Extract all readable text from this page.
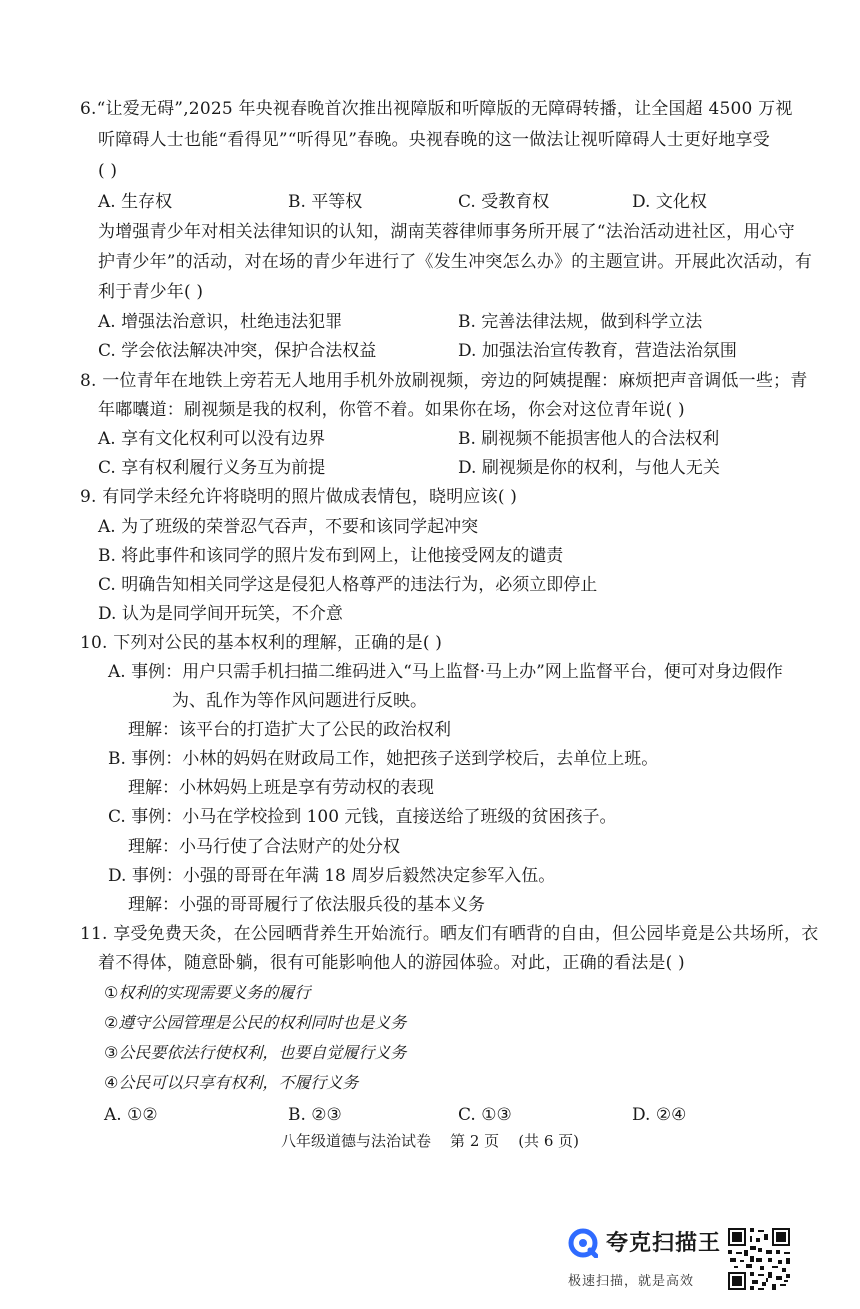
6.“让爱无碍”,2025 年央视春晚首次推出视障版和听障版的无障碍转播，让全国超 4500 万视
听障碍人士也能“看得见”“听得见”春晚。央视春晚的这一做法让视听障碍人士更好地享受
( )
A. 生存权	B. 平等权	C. 受教育权	D. 文化权
为增强青少年对相关法律知识的认知，湖南芙蓉律师事务所开展了“法治活动进社区，用心守
护青少年”的活动，对在场的青少年进行了《发生冲突怎么办》的主题宣讲。开展此次活动，有
利于青少年( )
A. 增强法治意识，杜绝违法犯罪	B. 完善法律法规，做到科学立法
C. 学会依法解决冲突，保护合法权益	D. 加强法治宣传教育，营造法治氛围
8. 一位青年在地铁上旁若无人地用手机外放刷视频，旁边的阿姨提醒：麻烦把声音调低一些；青
年嘟囔道：刷视频是我的权利，你管不着。如果你在场，你会对这位青年说( )
A. 享有文化权利可以没有边界	B. 刷视频不能损害他人的合法权利
C. 享有权利履行义务互为前提	D. 刷视频是你的权利，与他人无关
9. 有同学未经允许将晓明的照片做成表情包，晓明应该( )
A. 为了班级的荣誉忍气吞声，不要和该同学起冲突
B. 将此事件和该同学的照片发布到网上，让他接受网友的谴责
C. 明确告知相关同学这是侵犯人格尊严的违法行为，必须立即停止
D. 认为是同学间开玩笑，不介意
10. 下列对公民的基本权利的理解，正确的是( )
A. 事例：用户只需手机扫描二维码进入“马上监督·马上办”网上监督平台，便可对身边假作
为、乱作为等作风问题进行反映。
理解：该平台的打造扩大了公民的政治权利
B. 事例：小林的妈妈在财政局工作，她把孩子送到学校后，去单位上班。
理解：小林妈妈上班是享有劳动权的表现
C. 事例：小马在学校捡到 100 元钱，直接送给了班级的贫困孩子。
理解：小马行使了合法财产的处分权
D. 事例：小强的哥哥在年满 18 周岁后毅然决定参军入伍。
理解：小强的哥哥履行了依法服兵役的基本义务
11. 享受免费天灸，在公园晒背养生开始流行。晒友们有晒背的自由，但公园毕竟是公共场所，衣
着不得体，随意卧躺，很有可能影响他人的游园体验。对此，正确的看法是( )
①权利的实现需要义务的履行
②遵守公园管理是公民的权利同时也是义务
③公民要依法行使权利，也要自觉履行义务
④公民可以只享有权利，不履行义务
A. ①②	B. ②③	C. ①③	D. ②④
八年级道德与法治试卷    第 2 页    (共 6 页)
夸克扫描王
极速扫描，就是高效
